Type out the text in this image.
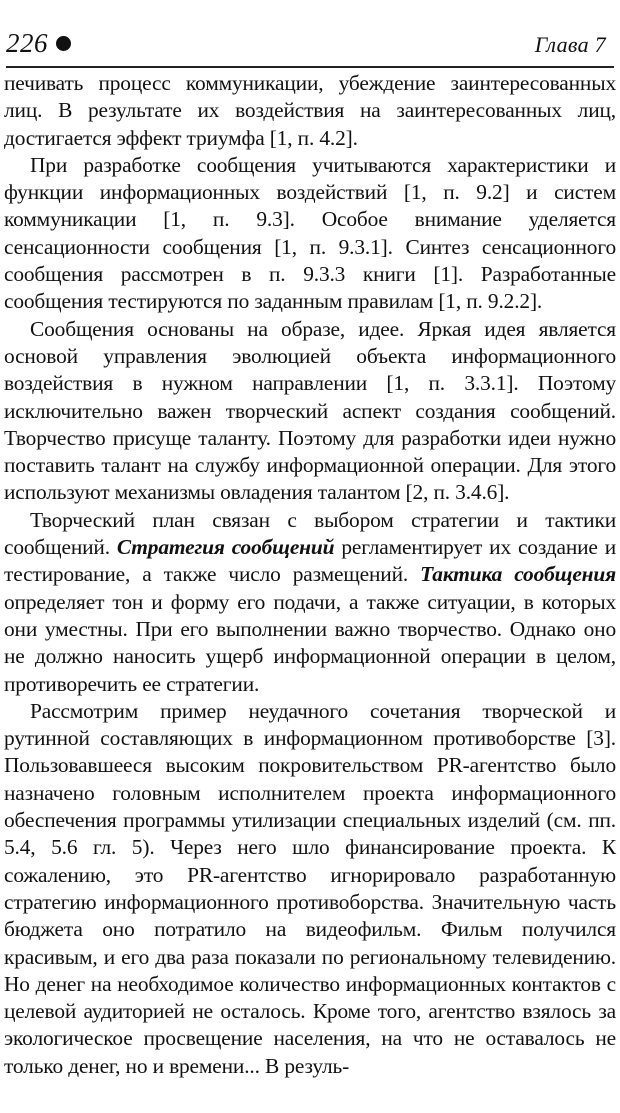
226	Глава 7

печивать процесс коммуникации, убеждение заинтересованных лиц. В результате их воздействия на заинтересованных лиц, достигается эффект триумфа [1, п. 4.2].

При разработке сообщения учитываются характеристики и функции информационных воздействий [1, п. 9.2] и систем коммуникации [1, п. 9.3]. Особое внимание уделяется сенсационности сообщения [1, п. 9.3.1]. Синтез сенсационного сообщения рассмотрен в п. 9.3.3 книги [1]. Разработанные сообщения тестируются по заданным правилам [1, п. 9.2.2].

Сообщения основаны на образе, идее. Яркая идея является основой управления эволюцией объекта информационного воздействия в нужном направлении [1, п. 3.3.1]. Поэтому исключительно важен творческий аспект создания сообщений. Творчество присуще таланту. Поэтому для разработки идеи нужно поставить талант на службу информационной операции. Для этого используют механизмы овладения талантом [2, п. 3.4.6].

Творческий план связан с выбором стратегии и тактики сообщений. Стратегия сообщений регламентирует их создание и тестирование, а также число размещений. Тактика сообщения определяет тон и форму его подачи, а также ситуации, в которых они уместны. При его выполнении важно творчество. Однако оно не должно наносить ущерб информационной операции в целом, противоречить ее стратегии.

Рассмотрим пример неудачного сочетания творческой и рутинной составляющих в информационном противоборстве [3]. Пользовавшееся высоким покровительством PR-агентство было назначено головным исполнителем проекта информационного обеспечения программы утилизации специальных изделий (см. пп. 5.4, 5.6 гл. 5). Через него шло финансирование проекта. К сожалению, это PR-агентство игнорировало разработанную стратегию информационного противоборства. Значительную часть бюджета оно потратило на видеофильм. Фильм получился красивым, и его два раза показали по региональному телевидению. Но денег на необходимое количество информационных контактов с целевой аудиторией не осталось. Кроме того, агентство взялось за экологическое просвещение населения, на что не оставалось не только денег, но и времени... В резуль-
